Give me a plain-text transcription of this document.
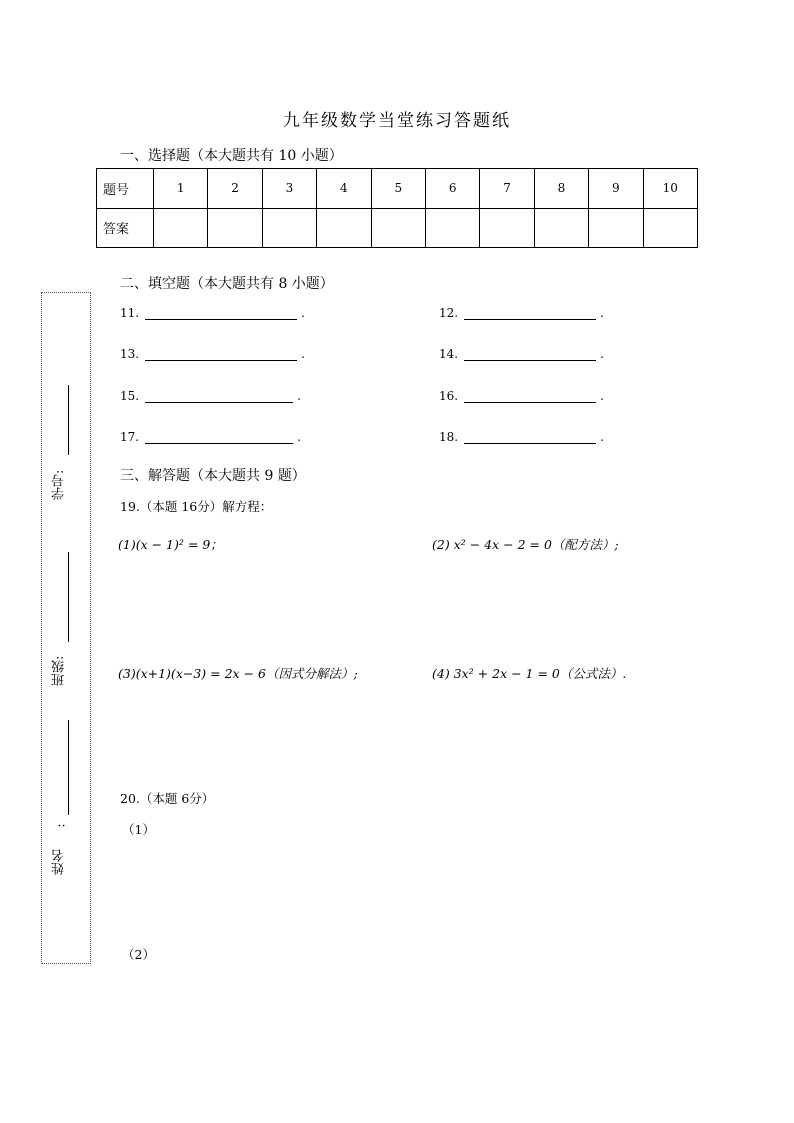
九年级数学当堂练习答题纸
一、选择题（本大题共有 10 小题）
题号	1	2	3	4	5	6	7	8	9	10
答案										
二、填空题（本大题共有 8 小题）
11.	.	12.	.
13.	.	14.	.
15.	.	16.	.
17.	.	18.	.
三、解答题（本大题共 9 题）
19.（本题 16分）解方程：
(1)(x − 1)² = 9；	(2) x² − 4x − 2 = 0（配方法）;
(3)(x+1)(x−3) = 2x − 6（因式分解法）;	(4) 3x² + 2x − 1 = 0（公式法）.
20.（本题 6分）
（1）
（2）
学号:
班级:
姓名
:
